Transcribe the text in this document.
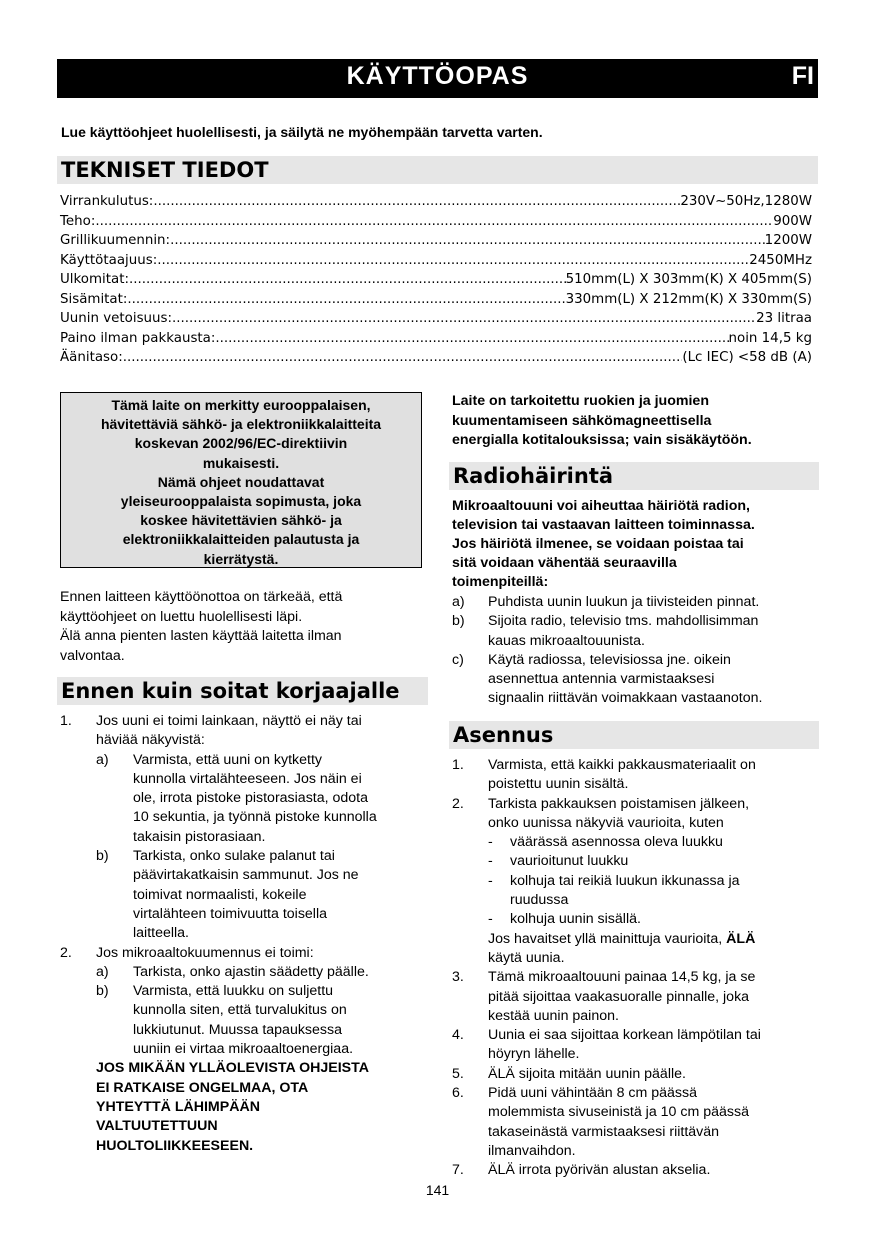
KÄYTTÖOPAS	FI
Lue käyttöohjeet huolellisesti, ja säilytä ne myöhempään tarvetta varten.
TEKNISET TIEDOT
Virrankulutus: .....	230V~50Hz,1280W
Teho: .....	900W
Grillikuumennin: .....	1200W
Käyttötaajuus: .....	2450MHz
Ulkomitat: .....	510mm(L) X 303mm(K) X 405mm(S)
Sisämitat: .....	330mm(L) X 212mm(K) X 330mm(S)
Uunin vetoisuus: .....	23 litraa
Paino ilman pakkausta: .....	noin 14,5 kg
Äänitaso: .....	(Lc IEC) <58 dB (A)
Tämä laite on merkitty eurooppalaisen,
hävitettäviä sähkö- ja elektroniikkalaitteita
koskevan 2002/96/EC-direktiivin
mukaisesti.
Nämä ohjeet noudattavat
yleiseurooppalaista sopimusta, joka
koskee hävitettävien sähkö- ja
elektroniikkalaitteiden palautusta ja
kierrätystä.
Ennen laitteen käyttöönottoa on tärkeää, että
käyttöohjeet on luettu huolellisesti läpi.
Älä anna pienten lasten käyttää laitetta ilman
valvontaa.
Ennen kuin soitat korjaajalle
1. Jos uuni ei toimi lainkaan, näyttö ei näy tai
häviää näkyvistä:
a) Varmista, että uuni on kytketty
kunnolla virtalähteeseen. Jos näin ei
ole, irrota pistoke pistorasiasta, odota
10 sekuntia, ja työnnä pistoke kunnolla
takaisin pistorasiaan.
b) Tarkista, onko sulake palanut tai
päävirtakatkaisin sammunut. Jos ne
toimivat normaalisti, kokeile
virtalähteen toimivuutta toisella
laitteella.
2. Jos mikroaaltokuumennus ei toimi:
a) Tarkista, onko ajastin säädetty päälle.
b) Varmista, että luukku on suljettu
kunnolla siten, että turvalukitus on
lukkiutunut. Muussa tapauksessa
uuniin ei virtaa mikroaaltoenergiaa.
JOS MIKÄÄN YLLÄOLEVISTA OHJEISTA
EI RATKAISE ONGELMAA, OTA
YHTEYTTÄ LÄHIMPÄÄN
VALTUUTETTUUN
HUOLTOLIIKKEESEEN.
Laite on tarkoitettu ruokien ja juomien
kuumentamiseen sähkömagneettisella
energialla kotitalouksissa; vain sisäkäytöön.
Radiohäirintä
Mikroaaltouuni voi aiheuttaa häiriötä radion,
television tai vastaavan laitteen toiminnassa.
Jos häiriötä ilmenee, se voidaan poistaa tai
sitä voidaan vähentää seuraavilla
toimenpiteillä:
a) Puhdista uunin luukun ja tiivisteiden pinnat.
b) Sijoita radio, televisio tms. mahdollisimman
kauas mikroaaltouunista.
c) Käytä radiossa, televisiossa jne. oikein
asennettua antennia varmistaaksesi
signaalin riittävän voimakkaan vastaanoton.
Asennus
1. Varmista, että kaikki pakkausmateriaalit on
poistettu uunin sisältä.
2. Tarkista pakkauksen poistamisen jälkeen,
onko uunissa näkyviä vaurioita, kuten
- väärässä asennossa oleva luukku
- vaurioitunut luukku
- kolhuja tai reikiä luukun ikkunassa ja
ruudussa
- kolhuja uunin sisällä.
Jos havaitset yllä mainittuja vaurioita, ÄLÄ
käytä uunia.
3. Tämä mikroaaltouuni painaa 14,5 kg, ja se
pitää sijoittaa vaakasuoralle pinnalle, joka
kestää uunin painon.
4. Uunia ei saa sijoittaa korkean lämpötilan tai
höyryn lähelle.
5. ÄLÄ sijoita mitään uunin päälle.
6. Pidä uuni vähintään 8 cm päässä
molemmista sivuseinistä ja 10 cm päässä
takaseinästä varmistaaksesi riittävän
ilmanvaihdon.
7. ÄLÄ irrota pyörivän alustan akselia.
141
